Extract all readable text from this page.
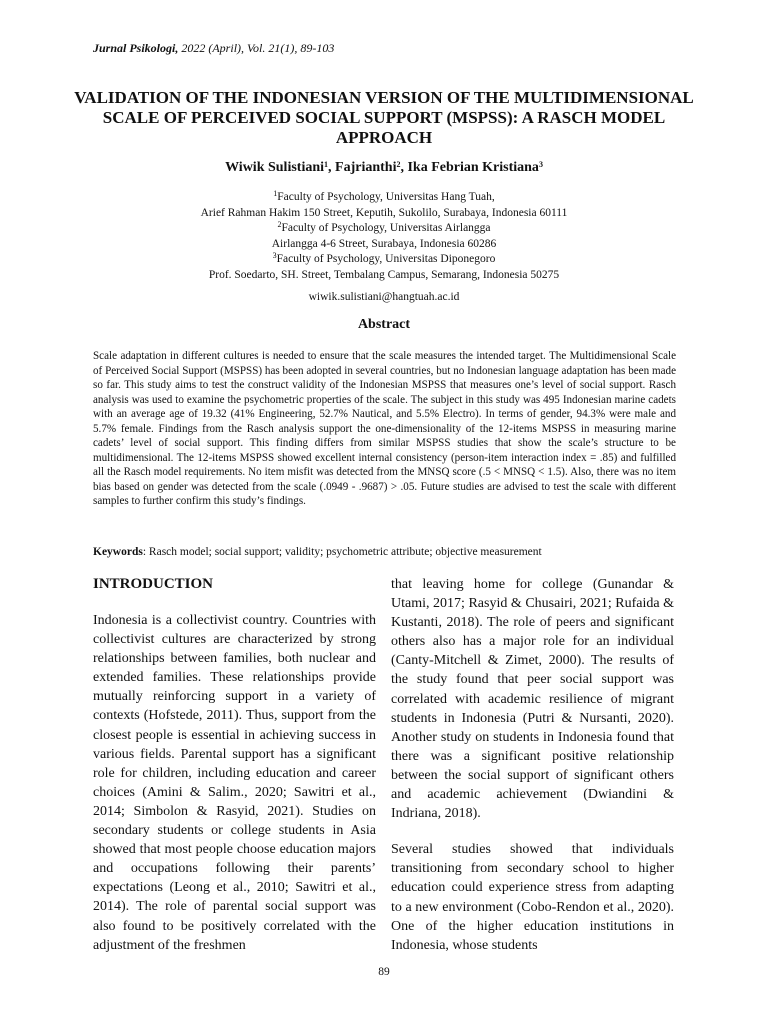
Jurnal Psikologi, 2022 (April), Vol. 21(1), 89-103
VALIDATION OF THE INDONESIAN VERSION OF THE MULTIDIMENSIONAL SCALE OF PERCEIVED SOCIAL SUPPORT (MSPSS): A RASCH MODEL APPROACH
Wiwik Sulistiani$^1$, Fajrianthi$^2$, Ika Febrian Kristiana$^3$
$^1$Faculty of Psychology, Universitas Hang Tuah,
Arief Rahman Hakim 150 Street, Keputih, Sukolilo, Surabaya, Indonesia 60111
$^2$Faculty of Psychology, Universitas Airlangga
Airlangga 4-6 Street, Surabaya, Indonesia 60286
$^3$Faculty of Psychology, Universitas Diponegoro
Prof. Soedarto, SH. Street, Tembalang Campus, Semarang, Indonesia 50275
wiwik.sulistiani@hangtuah.ac.id
Abstract

Scale adaptation in different cultures is needed to ensure that the scale measures the intended target. The Multidimensional Scale of Perceived Social Support (MSPSS) has been adopted in several countries, but no Indonesian language adaptation has been made so far. This study aims to test the construct validity of the Indonesian MSPSS that measures one’s level of social support. Rasch analysis was used to examine the psychometric properties of the scale. The subject in this study was 495 Indonesian marine cadets with an average age of 19.32 (41% Engineering, 52.7% Nautical, and 5.5% Electro). In terms of gender, 94.3% were male and 5.7% female. Findings from the Rasch analysis support the one-dimensionality of the 12-items MSPSS in measuring marine cadets’ level of social support. This finding differs from similar MSPSS studies that show the scale’s structure to be multidimensional. The 12-items MSPSS showed excellent internal consistency (person-item interaction index = .85) and fulfilled all the Rasch model requirements. No item misfit was detected from the MNSQ score (.5 < MNSQ < 1.5). Also, there was no item bias based on gender was detected from the scale (.0949 - .9687) > .05. Future studies are advised to test the scale with different samples to further confirm this study’s findings.

Keywords: Rasch model; social support; validity; psychometric attribute; objective measurement

INTRODUCTION

Indonesia is a collectivist country. Countries with collectivist cultures are characterized by strong relationships between families, both nuclear and extended families. These relationships provide mutually reinforcing support in a variety of contexts (Hofstede, 2011). Thus, support from the closest people is essential in achieving success in various fields. Parental support has a significant role for children, including education and career choices (Amini & Salim., 2020; Sawitri et al., 2014; Simbolon & Rasyid, 2021). Studies on secondary students or college students in Asia showed that most people choose education majors and occupations following their parents’ expectations (Leong et al., 2010; Sawitri et al., 2014). The role of parental social support was also found to be positively correlated with the adjustment of the freshmen

that leaving home for college (Gunandar & Utami, 2017; Rasyid & Chusairi, 2021; Rufaida & Kustanti, 2018). The role of peers and significant others also has a major role for an individual (Canty-Mitchell & Zimet, 2000). The results of the study found that peer social support was correlated with academic resilience of migrant students in Indonesia (Putri & Nursanti, 2020). Another study on students in Indonesia found that there was a significant positive relationship between the social support of significant others and academic achievement (Dwiandini & Indriana, 2018).

Several studies showed that individuals transitioning from secondary school to higher education could experience stress from adapting to a new environment (Cobo-Rendon et al., 2020). One of the higher education institutions in Indonesia, whose students

89
